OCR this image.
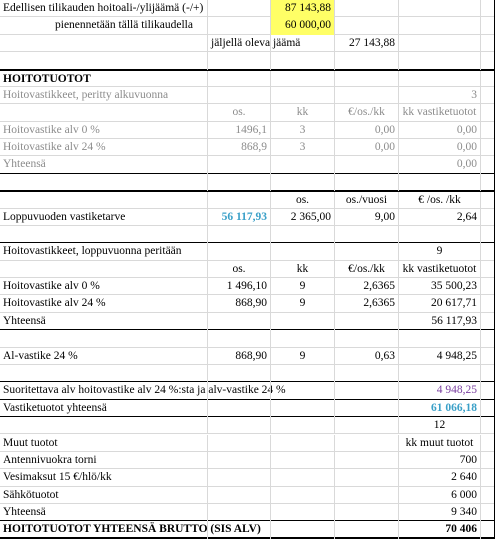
Edellisen tilikauden hoitoali-/ylijäämä (-/+)	87 143,88
pienennetään tällä tilikaudella	60 000,00
jäljellä oleva jäämä	27 143,88
HOITOTUOTOT
Hoitovastikkeet, peritty alkuvuonna	3
os.	kk	€/os./kk	kk vastiketuotot
Hoitovastike alv 0 %	1496,1	3	0,00	0,00
Hoitovastike alv 24 %	868,9	3	0,00	0,00
Yhteensä	0,00
os.	os./vuosi	€ /os. /kk
Loppuvuoden vastiketarve	56 117,93	2 365,00	9,00	2,64
Hoitovastikkeet, loppuvuonna peritään	9
os.	kk	€/os./kk	kk vastiketuotot
Hoitovastike alv 0 %	1 496,10	9	2,6365	35 500,23
Hoitovastike alv 24 %	868,90	9	2,6365	20 617,71
Yhteensä	56 117,93
Al-vastike 24 %	868,90	9	0,63	4 948,25
Suoritettava alv hoitovastike alv 24 %:sta ja alv-vastike 24 %	4 948,25
Vastiketuotot yhteensä	61 066,18
12
Muut tuotot	kk muut tuotot
Antennivuokra torni	700
Vesimaksut 15 €/hlö/kk	2 640
Sähkötuotot	6 000
Yhteensä	9 340
HOITOTUOTOT YHTEENSÄ BRUTTO (SIS ALV)	70 406
